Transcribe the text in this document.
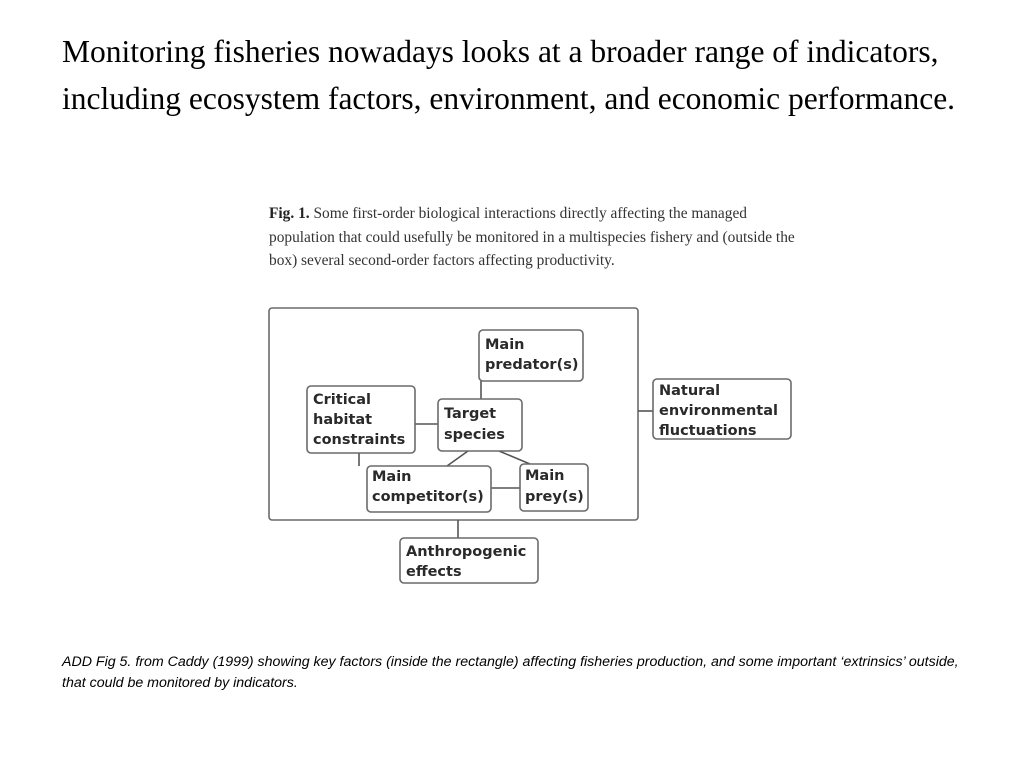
Monitoring fisheries nowadays looks at a broader range of indicators, including ecosystem factors, environment, and economic performance.

Fig. 1. Some first-order biological interactions directly affecting the managed population that could usefully be monitored in a multispecies fishery and (outside the box) several second-order factors affecting productivity.

Main
predator(s)
Critical
habitat
constraints
Target
species
Main
competitor(s)
Main
prey(s)
Natural
environmental
fluctuations
Anthropogenic
effects

ADD Fig 5. from Caddy (1999) showing key factors (inside the rectangle) affecting fisheries production, and some important ‘extrinsics’ outside, that could be monitored by indicators.
